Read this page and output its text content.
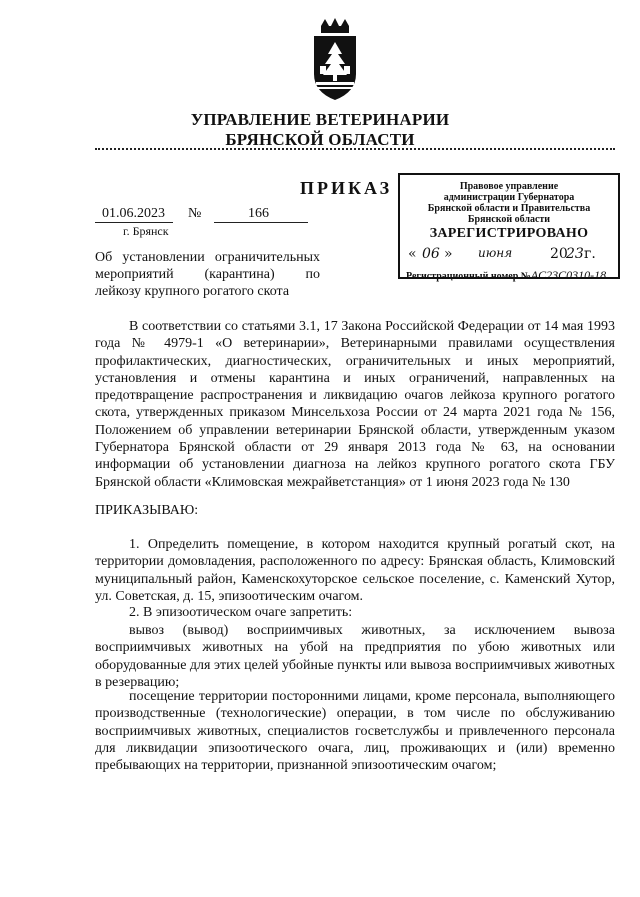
УПРАВЛЕНИЕ ВЕТЕРИНАРИИ
БРЯНСКОЙ ОБЛАСТИ
ПРИКАЗ
01.06.2023 №	166
г. Брянск
Правовое управление
администрации Губернатора
Брянской области и Правительства
Брянской области
ЗАРЕГИСТРИРОВАНО
« 06 » июня	20
23 г.
Регистрационный номер №AC23C0310-18
Об установлении ограничительных
мероприятий (карантина) по
лейкозу крупного рогатого скота
В соответствии со статьями 3.1, 17 Закона Российской Федерации от 14 мая 1993 года № 4979-1 «О ветеринарии», Ветеринарными правилами осуществления профилактических, диагностических, ограничительных и иных мероприятий, установления и отмены карантина и иных ограничений, направленных на предотвращение распространения и ликвидацию очагов лейкоза крупного рогатого скота, утвержденных приказом Минсельхоза России от 24 марта 2021 года № 156, Положением об управлении ветеринарии Брянской области, утвержденным указом Губернатора Брянской области от 29 января 2013 года № 63, на основании информации об установлении диагноза на лейкоз крупного рогатого скота ГБУ Брянской области «Климовская межрайветстанция» от 1 июня 2023 года № 130
ПРИКАЗЫВАЮ:
1. Определить помещение, в котором находится крупный рогатый скот, на территории домовладения, расположенного по адресу: Брянская область, Климовский муниципальный район, Каменскохуторское сельское поселение, с. Каменский Хутор, ул. Советская, д. 15, эпизоотическим очагом.
2. В эпизоотическом очаге запретить:
вывоз (вывод) восприимчивых животных, за исключением вывоза восприимчивых животных на убой на предприятия по убою животных или оборудованные для этих целей убойные пункты или вывоза восприимчивых животных в резервацию;
посещение территории посторонними лицами, кроме персонала, выполняющего производственные (технологические) операции, в том числе по обслуживанию восприимчивых животных, специалистов госветслужбы и привлеченного персонала для ликвидации эпизоотического очага, лиц, проживающих и (или) временно пребывающих на территории, признанной эпизоотическим очагом;
